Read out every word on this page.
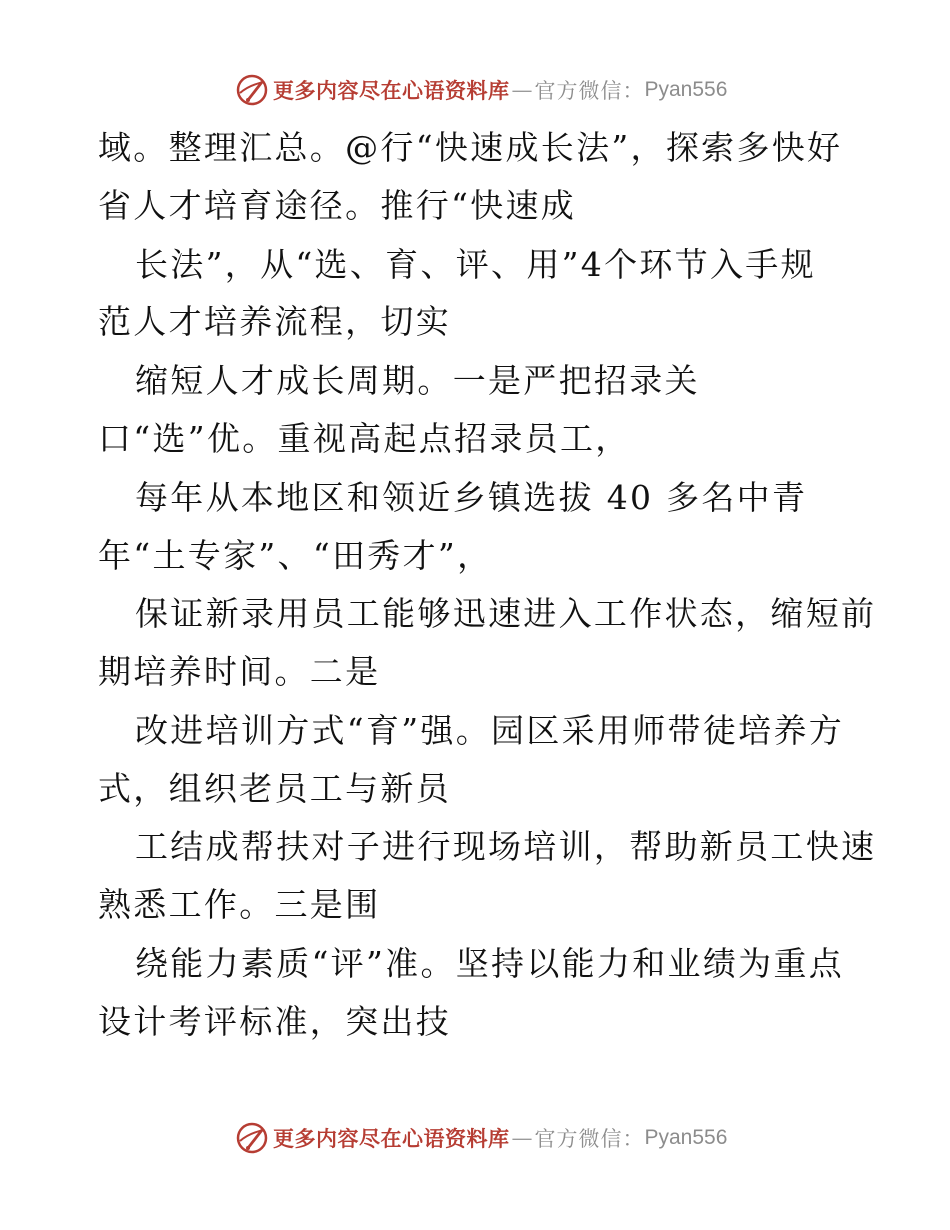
更多内容尽在心语资料库 — 官方微信： Pyan556
域。整理汇总。@行“快速成长法”，探索多快好
省人才培育途径。推行“快速成
长法”，从“选、育、评、用”4个环节入手规
范人才培养流程，切实
缩短人才成长周期。一是严把招录关
口“选”优。重视高起点招录员工，
每年从本地区和领近乡镇选拔 40 多名中青
年“土专家”、“田秀才”，
保证新录用员工能够迅速进入工作状态，缩短前
期培养时间。二是
改进培训方式“育”强。园区采用师带徒培养方
式，组织老员工与新员
工结成帮扶对子进行现场培训，帮助新员工快速
熟悉工作。三是围
绕能力素质“评”准。坚持以能力和业绩为重点
设计考评标准，突出技
更多内容尽在心语资料库 — 官方微信： Pyan556
